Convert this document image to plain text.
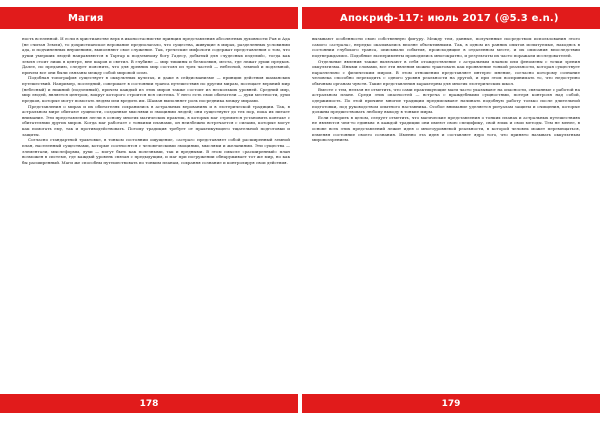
Магия	Апокриф-117: июль 2017 (@5.3 e.n.)

ность вселенной. И если в христианстве верх в иконостаснистве принцип представления абсолютных духовности Рая и Ада (не считая Земли), то дохристианское верование предполагало, что существа, живущие в мирах, разделенных условиями ада, и подчиненных внушениям, выполняют свое служение. Так, греческие мифологи содержат представления о том, что души умерших людей направляются в Тартар к подземному богу Гадесу, добытый для «чудесных изделий», тогда как земля стоит лишь в центре, вне шаров и светил. В глубине — мир тишины и безмолвия, места, где лежат души предков. Далее, по преданию, следует пояснить, что для древних мир состоял из трех частей — небесной, земной и подземной, причем все они были связаны между собой мировой осью.

Подобная топография существует в оккультных культах, и даже в сейдисманизме — принцип действия шаманских путешествий. Например, последний, совершает в состоянии транса путешествия по другим мирам, посещает верхний мир (небесный) и нижний (подземный), причем каждый из этих миров также состоит из нескольких уровней. Средний мир, мир людей, является центром, вокруг которого строится вся система. У него есть свои обитатели — духи местности, духи предков, которые могут помогать людям или вредить им. Шаман выполняет роль посредника между мирами.

Представления о мирах и их обитателях сохранились в астральных верованиях и в эзотерической традиции. Так, в астральном мире обитают сущности, созданные мыслями и эмоциями людей; они существуют до тех пор, пока их питает внимание. Эти представления легли в основу многих магических практик, в которых маг стремится установить контакт с обитателями других миров. Когда маг работает с тонкими планами, он неизбежно встречается с силами, которые могут как помогать ему, так и противодействовать. Потому традиция требует от практикующего тщательной подготовки и защиты.

Согласно стандартной трактовке, в тонком состоянии ощущение, «астрал» представляет собой расширенный земной план, населенный существами, которые соотносятся с человеческими эмоциями, мыслями и желаниями. Эти существа — элементали, мыслеформы, духи — могут быть как полезными, так и вредными. В этом смысле «расширенный» план возможен в системе, где каждый уровень связан с предыдущим, и маг при погружении обнаруживает тот же мир, но как бы расширенный. Маги же способны путешествовать по тонким планам, сохраняя сознание и контролируя свои действия.

вызывают особенности свою собственную фигуру. Между тем, данные, полученные посредством использования этого самого «астрала», нередко оказывались вполне объективными. Так, в одном из ранних опытов испытуемые, находясь в состоянии глубокого транса, описывали события, происходящие в отдаленном месте, и их описания впоследствии подтверждались. Подобные эксперименты проводились многократно, и результаты их часто поражали исследователей.

Отдельные явления также включают в себя отождествление с астральным планом или феномены с точки зрения оккультизма. Иными словами, все эти явления можно трактовать как проявление тонкой реальности, которая существует параллельно с физическим миром. В этом отношении представляет интерес мнение, согласно которому сознание человека способно переходить с одного уровня реальности на другой, и при этом воспринимать то, что недоступно обычным органам чувств. Такие представления характерны для многих эзотерических школ.

Вместе с тем, нельзя не отметить, что сами практикующие маги часто указывают на опасности, связанные с работой на астральном плане. Среди этих опасностей — встреча с враждебными сущностями, потеря контроля над собой, одержимость. По этой причине многие традиции предписывают начинать подобную работу только после длительной подготовки, под руководством опытного наставника. Особое внимание уделяется ритуалам защиты и очищения, которые должны предшествовать любому выходу в тонкие миры.

Если говорить в целом, следует отметить, что магические представления о тонких планах и астральных путешествиях не являются чем-то единым: в каждой традиции они имеют свою специфику, свой язык и свои методы. Тем не менее, в основе всех этих представлений лежит идея о многоуровневой реальности, в которой человек может перемещаться, изменяя состояние своего сознания. Именно эта идея и составляет ядро того, что принято называть оккультным мировоззрением.

178	179
